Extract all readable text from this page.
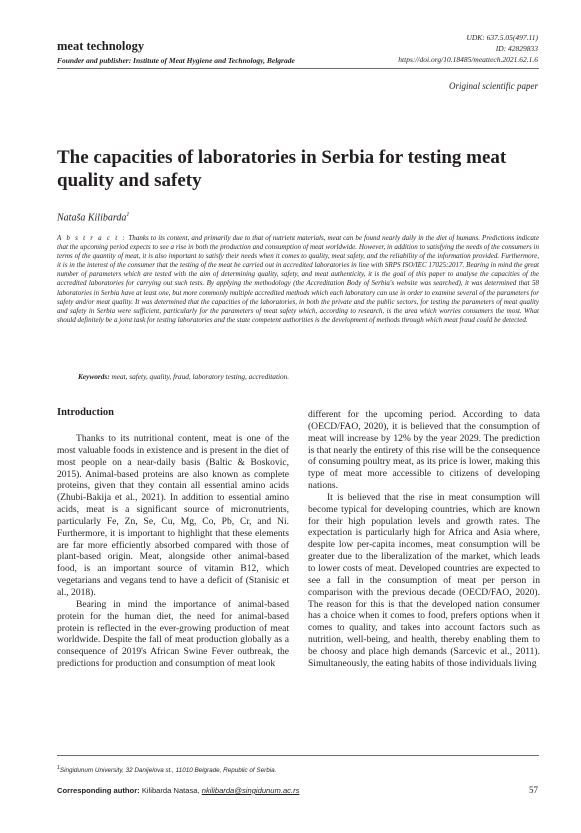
meat technology
Founder and publisher: Institute of Meat Hygiene and Technology, Belgrade
UDK: 637.5.05(497.11)
ID: 42829833
https://doi.org/10.18485/meattech.2021.62.1.6
Original scientific paper
The capacities of laboratories in Serbia for testing meat quality and safety
Nataša Kilibarda$^1$
A b s t r a c t : Thanks to its content, and primarily due to that of nutrient materials, meat can be found nearly daily in the diet of humans. Predictions indicate that the upcoming period expects to see a rise in both the production and consumption of meat worldwide. However, in addition to satisfying the needs of the consumers in terms of the quantity of meat, it is also important to satisfy their needs when it comes to quality, meat safety, and the reliability of the information provided. Furthermore, it is in the interest of the consumer that the testing of the meat be carried out in accredited laboratories in line with SRPS ISO/IEC 17025:2017. Bearing in mind the great number of parameters which are tested with the aim of determining quality, safety, and meat authenticity, it is the goal of this paper to analyse the capacities of the accredited laboratories for carrying out such tests. By applying the methodology (the Accreditation Body of Serbia's website was searched), it was determined that 58 laboratories in Serbia have at least one, but more commonly multiple accredited methods which each laboratory can use in order to examine several of the parameters for safety and/or meat quality. It was determined that the capacities of the laboratories, in both the private and the public sectors, for testing the parameters of meat quality and safety in Serbia were sufficient, particularly for the parameters of meat safety which, according to research, is the area which worries consumers the most. What should definitely be a joint task for testing laboratories and the state competent authorities is the development of methods through which meat fraud could be detected.
Keywords: meat, safety, quality, fraud, laboratory testing, accreditation.
Introduction

Thanks to its nutritional content, meat is one of the most valuable foods in existence and is present in the diet of most people on a near-daily basis (Baltic & Boskovic, 2015). Animal-based proteins are also known as complete proteins, given that they contain all essential amino acids (Zhubi-Bakija et al., 2021). In addition to essential amino acids, meat is a significant source of micronutrients, particularly Fe, Zn, Se, Cu, Mg, Co, Pb, Cr, and Ni. Furthermore, it is important to highlight that these elements are far more efficiently absorbed compared with those of plant-based origin. Meat, alongside other animal-based food, is an important source of vitamin B12, which vegetarians and vegans tend to have a deficit of (Stanisic et al., 2018).

Bearing in mind the importance of animal-based protein for the human diet, the need for animal-based protein is reflected in the ever-growing production of meat worldwide. Despite the fall of meat production globally as a consequence of 2019's African Swine Fever outbreak, the predictions for production and consumption of meat look

different for the upcoming period. According to data (OECD/FAO, 2020), it is believed that the consumption of meat will increase by 12% by the year 2029. The prediction is that nearly the entirety of this rise will be the consequence of consuming poultry meat, as its price is lower, making this type of meat more accessible to citizens of developing nations.

It is believed that the rise in meat consumption will become typical for developing countries, which are known for their high population levels and growth rates. The expectation is particularly high for Africa and Asia where, despite low per-capita incomes, meat consumption will be greater due to the liberalization of the market, which leads to lower costs of meat. Developed countries are expected to see a fall in the consumption of meat per person in comparison with the previous decade (OECD/FAO, 2020). The reason for this is that the developed nation consumer has a choice when it comes to food, prefers options when it comes to quality, and takes into account factors such as nutrition, well-being, and health, thereby enabling them to be choosy and place high demands (Sarcevic et al., 2011). Simultaneously, the eating habits of those individuals living

$^1$Singidunum University, 32 Danijelova st., 11010 Belgrade, Republic of Serbia.
Corresponding author: Kilibarda Natasa, nkilibarda@singidunum.ac.rs	57
